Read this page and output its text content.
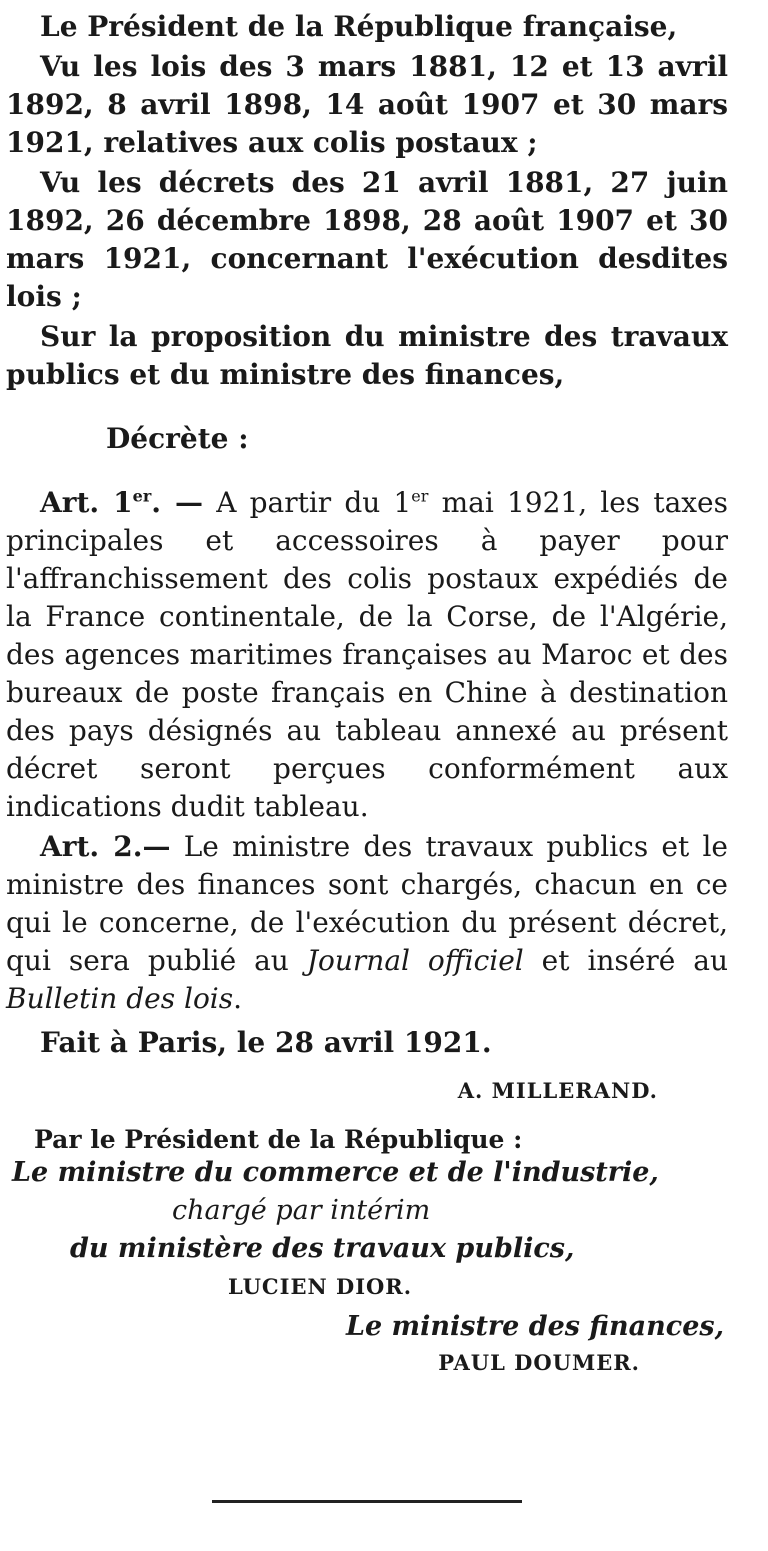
Le Président de la République française,

Vu les lois des 3 mars 1881, 12 et 13 avril 1892, 8 avril 1898, 14 août 1907 et 30 mars 1921, relatives aux colis postaux ;

Vu les décrets des 21 avril 1881, 27 juin 1892, 26 décembre 1898, 28 août 1907 et 30 mars 1921, concernant l'exécution desdites lois ;

Sur la proposition du ministre des travaux publics et du ministre des finances,

Décrète :

Art. 1er. — A partir du 1er mai 1921, les taxes principales et accessoires à payer pour l'affranchissement des colis postaux expédiés de la France continentale, de la Corse, de l'Algérie, des agences maritimes françaises au Maroc et des bureaux de poste français en Chine à destination des pays désignés au tableau annexé au présent décret seront perçues conformément aux indications dudit tableau.

Art. 2.— Le ministre des travaux publics et le ministre des finances sont chargés, chacun en ce qui le concerne, de l'exécution du présent décret, qui sera publié au Journal officiel et inséré au Bulletin des lois.

Fait à Paris, le 28 avril 1921.
A. MILLERAND.
Par le Président de la République :
Le ministre du commerce et de l'industrie,
chargé par intérim
du ministère des travaux publics,
LUCIEN DIOR.
Le ministre des finances,
PAUL DOUMER.
